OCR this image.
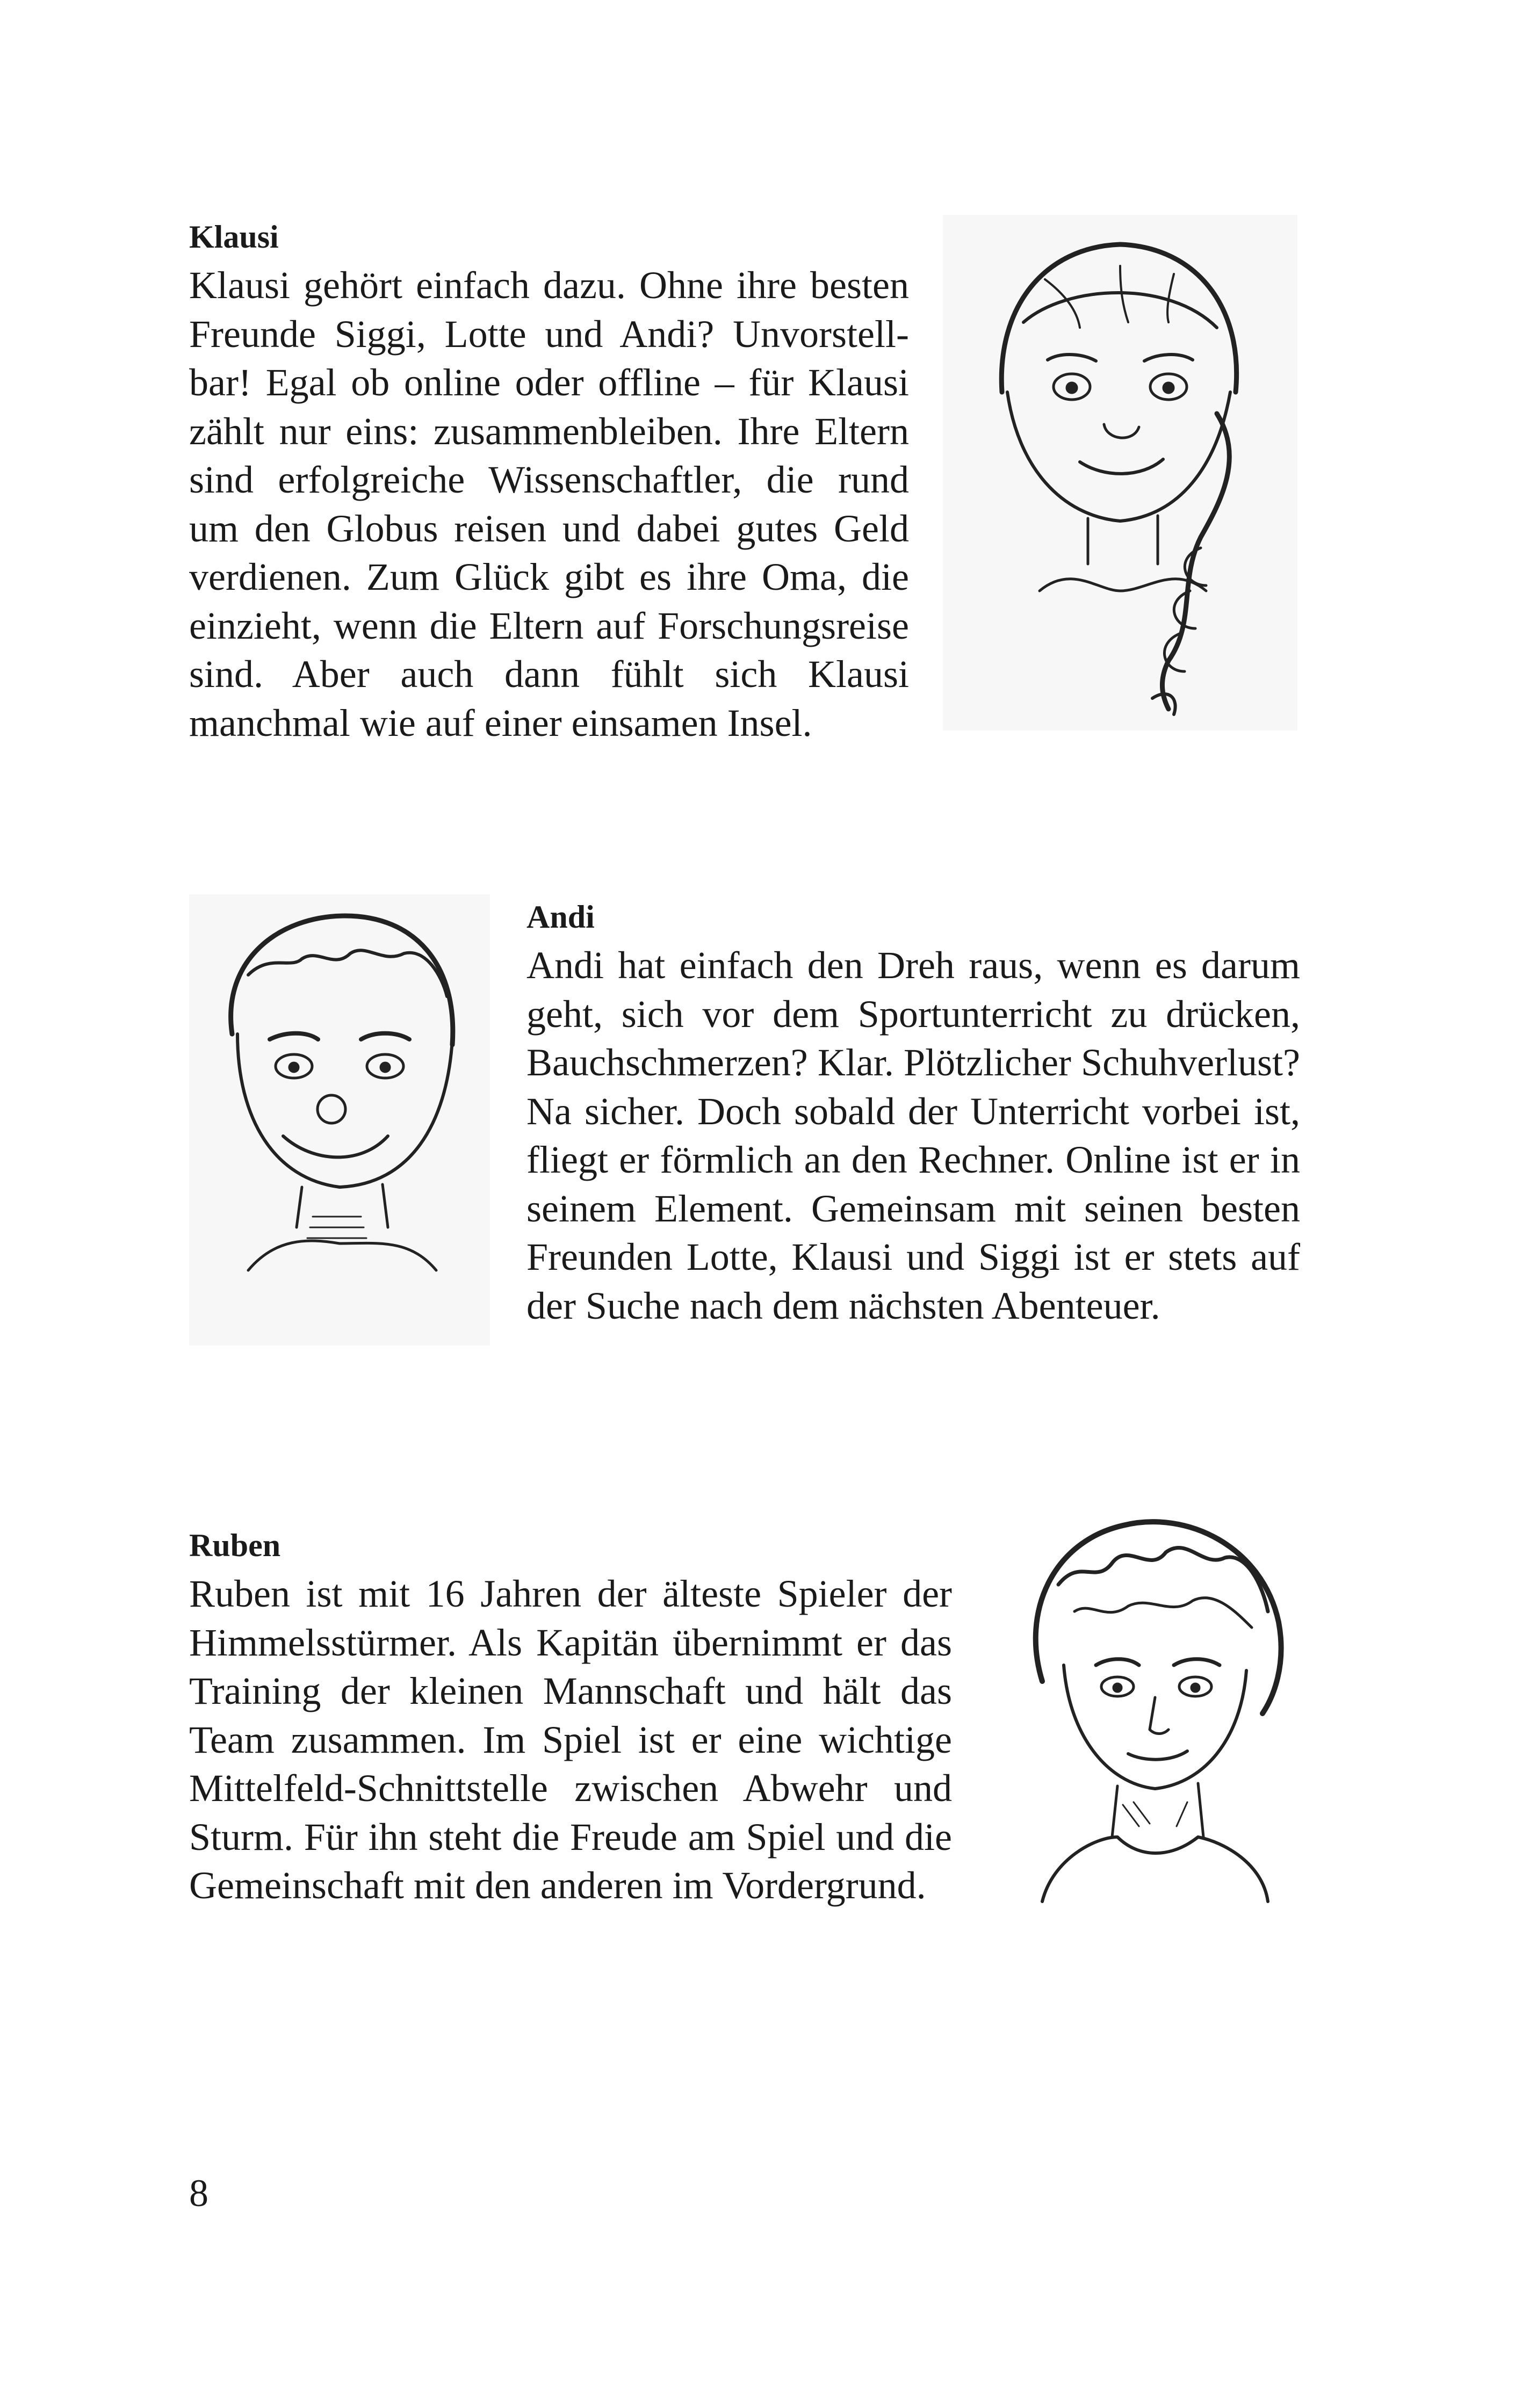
Klausi
Klausi gehört einfach dazu. Ohne ihre besten
Freunde Siggi, Lotte und Andi? Unvorstell-
bar! Egal ob online oder offline – für Klausi
zählt nur eins: zusammenbleiben. Ihre Eltern
sind erfolgreiche Wissenschaftler, die rund
um den Globus reisen und dabei gutes Geld
verdienen. Zum Glück gibt es ihre Oma, die
einzieht, wenn die Eltern auf Forschungsreise
sind. Aber auch dann fühlt sich Klausi
manchmal wie auf einer einsamen Insel.
Andi
Andi hat einfach den Dreh raus, wenn es darum
geht, sich vor dem Sportunterricht zu drücken,
Bauchschmerzen? Klar. Plötzlicher Schuhverlust?
Na sicher. Doch sobald der Unterricht vorbei ist,
fliegt er förmlich an den Rechner. Online ist er in
seinem Element. Gemeinsam mit seinen besten
Freunden Lotte, Klausi und Siggi ist er stets auf
der Suche nach dem nächsten Abenteuer.
Ruben
Ruben ist mit 16 Jahren der älteste Spieler der
Himmelsstürmer. Als Kapitän übernimmt er das
Training der kleinen Mannschaft und hält das
Team zusammen. Im Spiel ist er eine wichtige
Mittelfeld-Schnittstelle zwischen Abwehr und
Sturm. Für ihn steht die Freude am Spiel und die
Gemeinschaft mit den anderen im Vordergrund.
8
